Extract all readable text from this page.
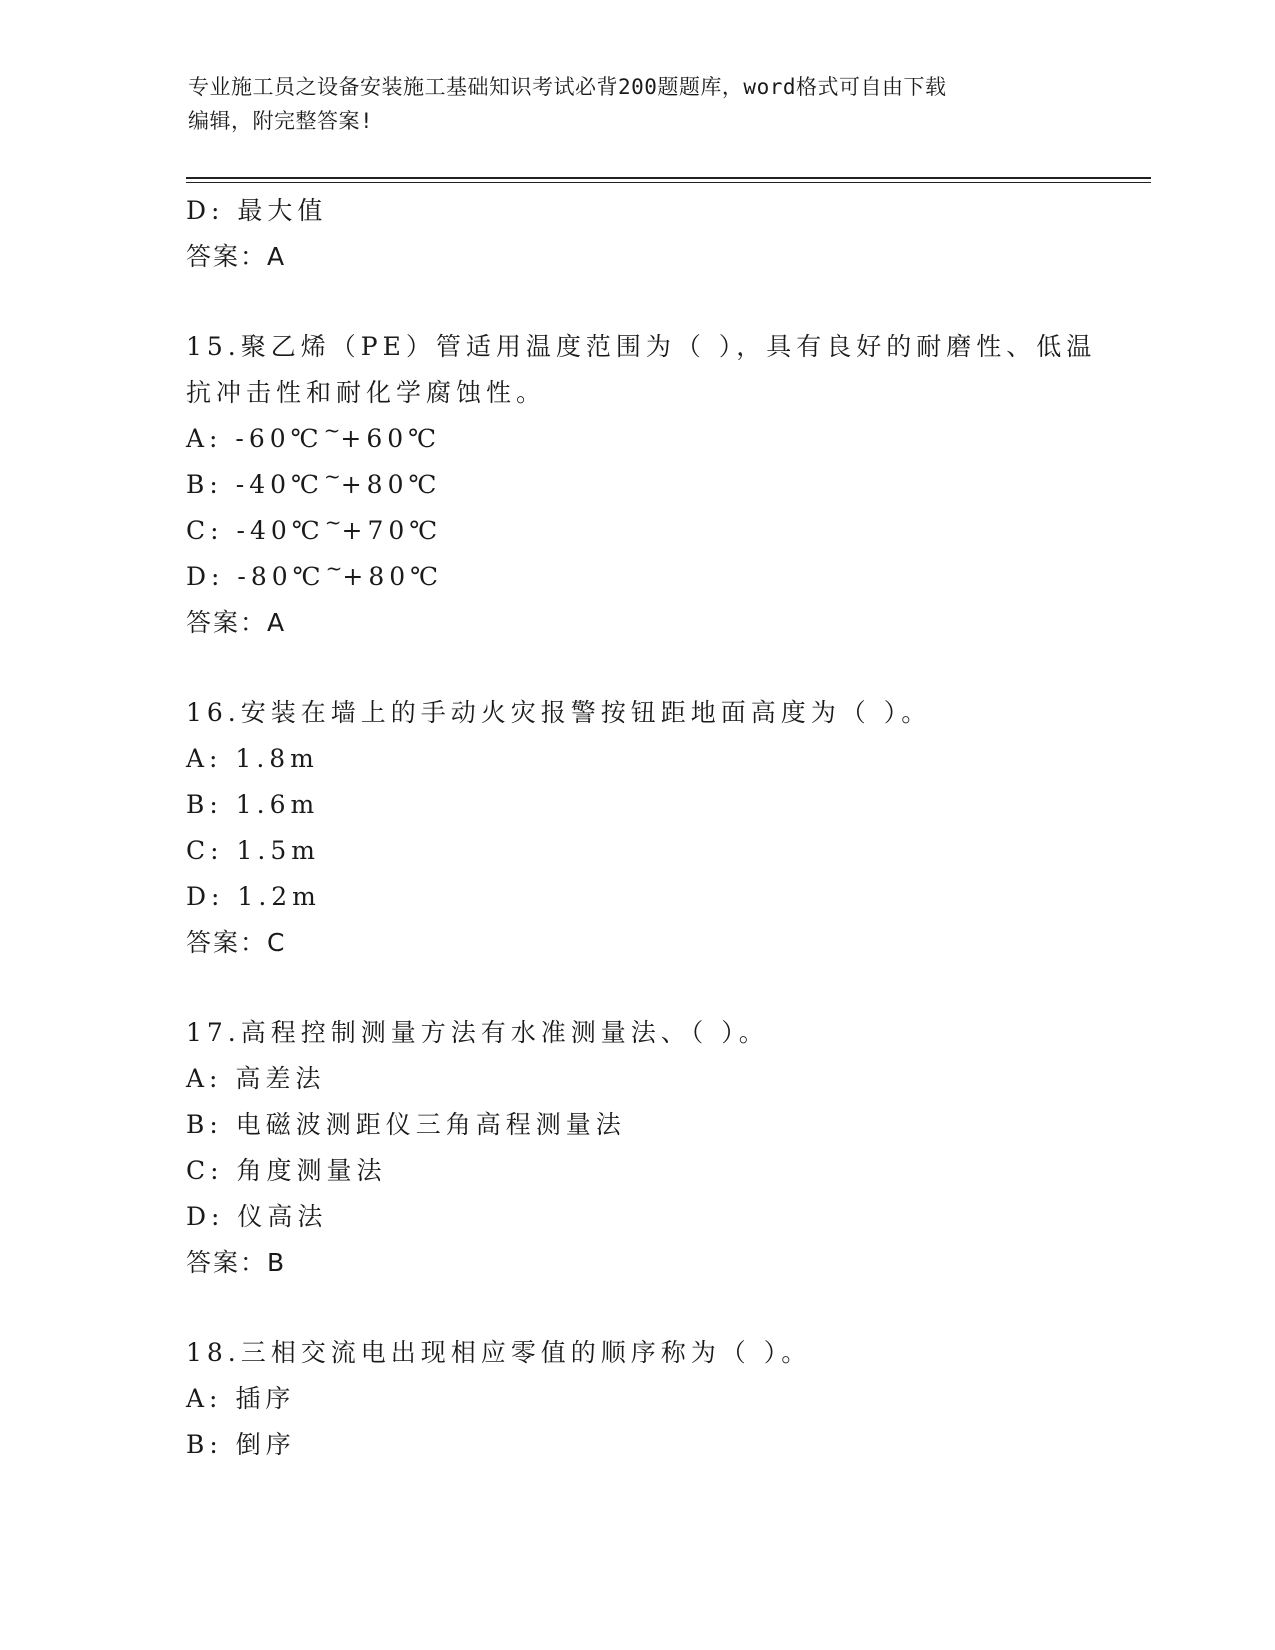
专业施工员之设备安装施工基础知识考试必背200题题库，word格式可自由下载
编辑，附完整答案!
D: 最大值
答案：A
15.聚乙烯（PE）管适用温度范围为（ ），具有良好的耐磨性、低温
抗冲击性和耐化学腐蚀性。
A: -60℃~+60℃
B: -40℃~+80℃
C: -40℃~+70℃
D: -80℃~+80℃
答案：A
16.安装在墙上的手动火灾报警按钮距地面高度为（ ）。
A: 1.8m
B: 1.6m
C: 1.5m
D: 1.2m
答案：C
17.高程控制测量方法有水准测量法、（ ）。
A: 高差法
B: 电磁波测距仪三角高程测量法
C: 角度测量法
D: 仪高法
答案：B
18.三相交流电出现相应零值的顺序称为（ ）。
A: 插序
B: 倒序
